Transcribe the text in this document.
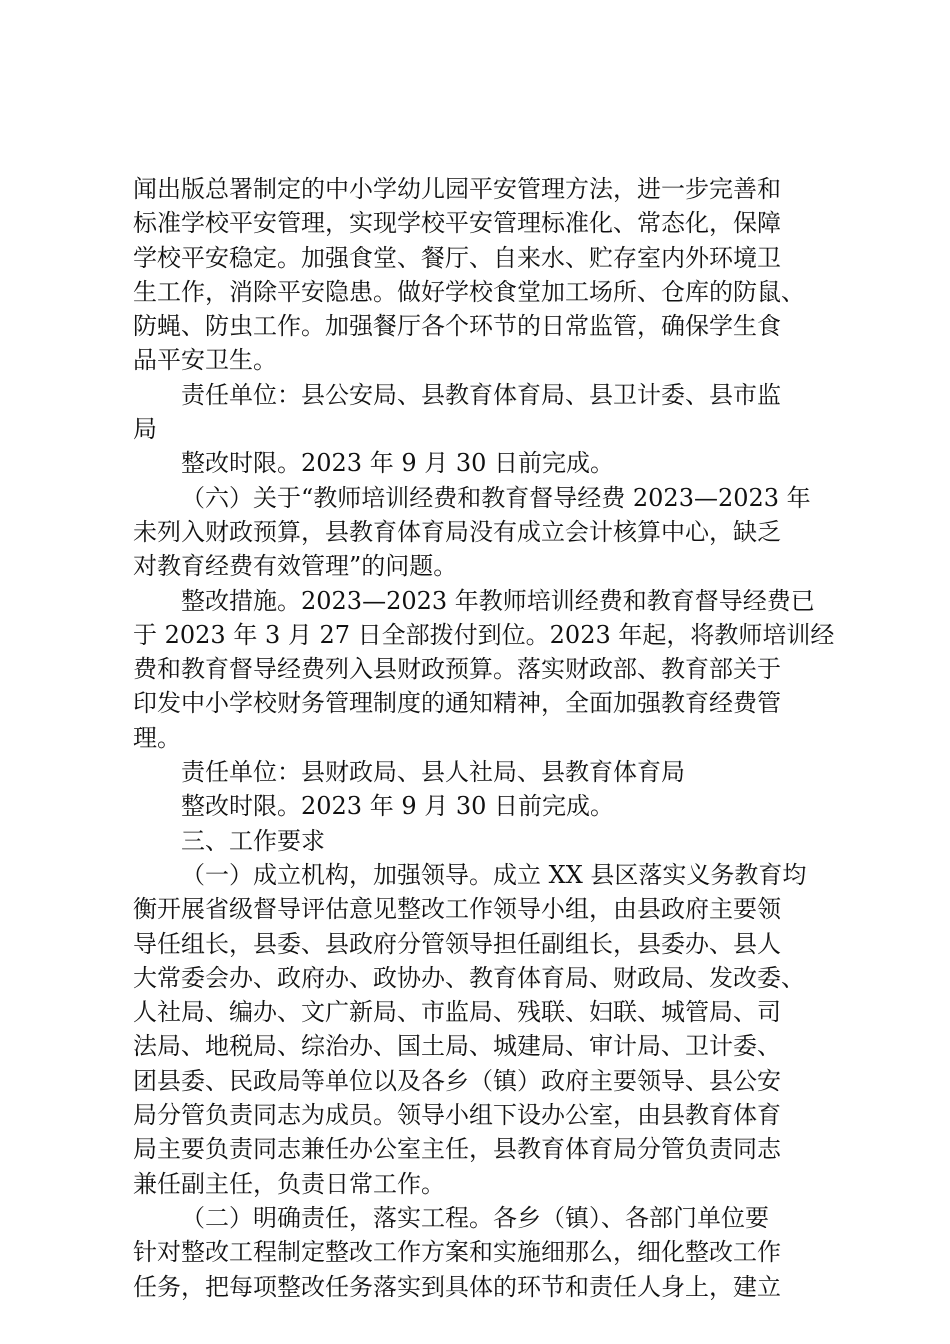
闻出版总署制定的中小学幼儿园平安管理方法，进一步完善和
标准学校平安管理，实现学校平安管理标准化、常态化，保障
学校平安稳定。加强食堂、餐厅、自来水、贮存室内外环境卫
生工作，消除平安隐患。做好学校食堂加工场所、仓库的防鼠、
防蝇、防虫工作。加强餐厅各个环节的日常监管，确保学生食
品平安卫生。
责任单位：县公安局、县教育体育局、县卫计委、县市监
局
整改时限。2023 年 9 月 30 日前完成。
（六）关于“教师培训经费和教育督导经费 2023—2023 年
未列入财政预算，县教育体育局没有成立会计核算中心，缺乏
对教育经费有效管理”的问题。
整改措施。2023—2023 年教师培训经费和教育督导经费已
于 2023 年 3 月 27 日全部拨付到位。2023 年起，将教师培训经
费和教育督导经费列入县财政预算。落实财政部、教育部关于
印发中小学校财务管理制度的通知精神，全面加强教育经费管
理。
责任单位：县财政局、县人社局、县教育体育局
整改时限。2023 年 9 月 30 日前完成。
三、工作要求
（一）成立机构，加强领导。成立 XX 县区落实义务教育均
衡开展省级督导评估意见整改工作领导小组，由县政府主要领
导任组长，县委、县政府分管领导担任副组长，县委办、县人
大常委会办、政府办、政协办、教育体育局、财政局、发改委、
人社局、编办、文广新局、市监局、残联、妇联、城管局、司
法局、地税局、综治办、国土局、城建局、审计局、卫计委、
团县委、民政局等单位以及各乡（镇）政府主要领导、县公安
局分管负责同志为成员。领导小组下设办公室，由县教育体育
局主要负责同志兼任办公室主任，县教育体育局分管负责同志
兼任副主任，负责日常工作。
（二）明确责任，落实工程。各乡（镇）、各部门单位要
针对整改工程制定整改工作方案和实施细那么，细化整改工作
任务，把每项整改任务落实到具体的环节和责任人身上，建立
